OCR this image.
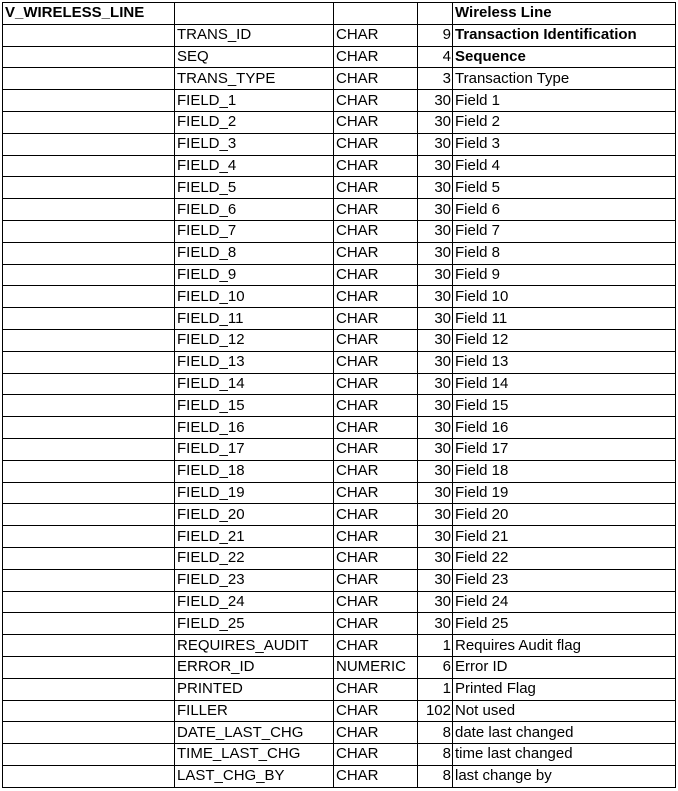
V_WIRELESS_LINE				Wireless Line
	TRANS_ID	CHAR	9	Transaction Identification
	SEQ	CHAR	4	Sequence
	TRANS_TYPE	CHAR	3	Transaction Type
	FIELD_1	CHAR	30	Field 1
	FIELD_2	CHAR	30	Field 2
	FIELD_3	CHAR	30	Field 3
	FIELD_4	CHAR	30	Field 4
	FIELD_5	CHAR	30	Field 5
	FIELD_6	CHAR	30	Field 6
	FIELD_7	CHAR	30	Field 7
	FIELD_8	CHAR	30	Field 8
	FIELD_9	CHAR	30	Field 9
	FIELD_10	CHAR	30	Field 10
	FIELD_11	CHAR	30	Field 11
	FIELD_12	CHAR	30	Field 12
	FIELD_13	CHAR	30	Field 13
	FIELD_14	CHAR	30	Field 14
	FIELD_15	CHAR	30	Field 15
	FIELD_16	CHAR	30	Field 16
	FIELD_17	CHAR	30	Field 17
	FIELD_18	CHAR	30	Field 18
	FIELD_19	CHAR	30	Field 19
	FIELD_20	CHAR	30	Field 20
	FIELD_21	CHAR	30	Field 21
	FIELD_22	CHAR	30	Field 22
	FIELD_23	CHAR	30	Field 23
	FIELD_24	CHAR	30	Field 24
	FIELD_25	CHAR	30	Field 25
	REQUIRES_AUDIT	CHAR	1	Requires Audit flag
	ERROR_ID	NUMERIC	6	Error ID
	PRINTED	CHAR	1	Printed Flag
	FILLER	CHAR	102	Not used
	DATE_LAST_CHG	CHAR	8	date last changed
	TIME_LAST_CHG	CHAR	8	time last changed
	LAST_CHG_BY	CHAR	8	last change by
